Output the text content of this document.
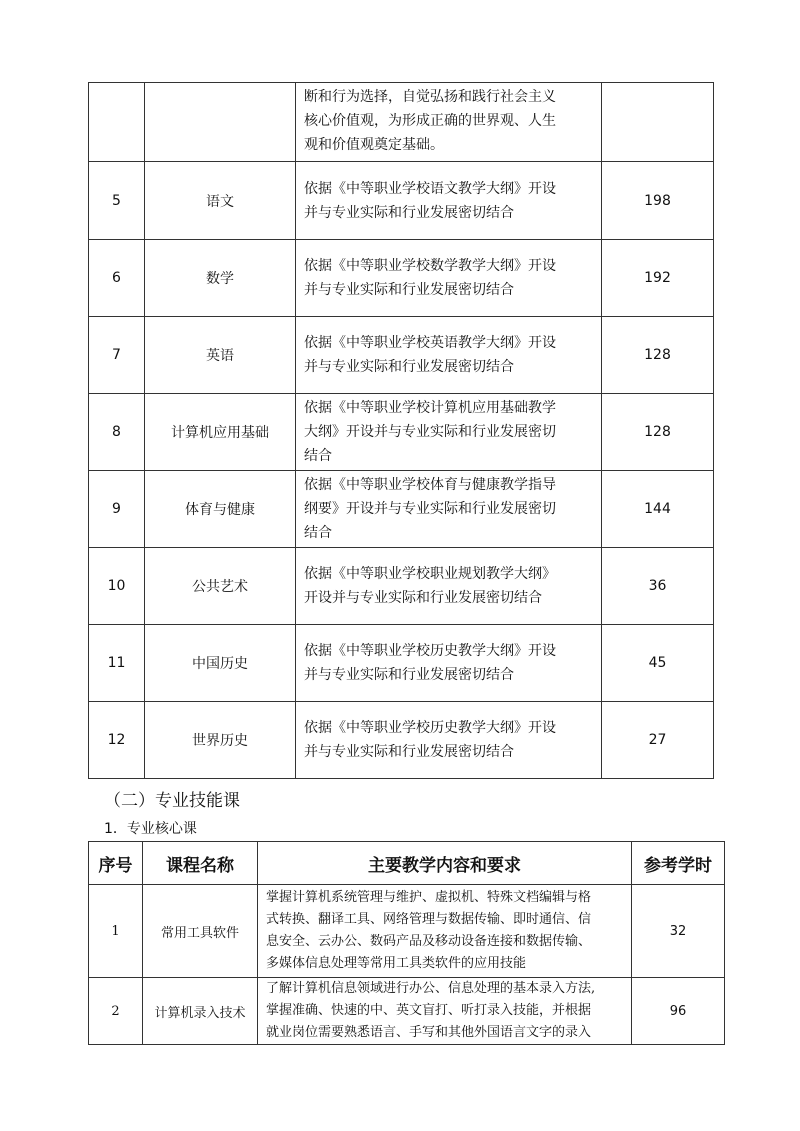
		断和行为选择，自觉弘扬和践行社会主义
核心价值观，为形成正确的世界观、人生
观和价值观奠定基础。	

5	语文	依据《中等职业学校语文教学大纲》开设
并与专业实际和行业发展密切结合	198
6	数学	依据《中等职业学校数学教学大纲》开设
并与专业实际和行业发展密切结合	192
7	英语	依据《中等职业学校英语教学大纲》开设
并与专业实际和行业发展密切结合	128
8	计算机应用基础	依据《中等职业学校计算机应用基础教学
大纲》开设并与专业实际和行业发展密切
结合	128
9	体育与健康	依据《中等职业学校体育与健康教学指导
纲要》开设并与专业实际和行业发展密切
结合	144
10	公共艺术	依据《中等职业学校职业规划教学大纲》
开设并与专业实际和行业发展密切结合	36
11	中国历史	依据《中等职业学校历史教学大纲》开设
并与专业实际和行业发展密切结合	45
12	世界历史	依据《中等职业学校历史教学大纲》开设
并与专业实际和行业发展密切结合	27
（二）专业技能课
1．专业核心课
序号	课程名称	主要教学内容和要求	参考学时
1	常用工具软件	掌握计算机系统管理与维护、虚拟机、特殊文档编辑与格
式转换、翻译工具、网络管理与数据传输、即时通信、信
息安全、云办公、数码产品及移动设备连接和数据传输、
多媒体信息处理等常用工具类软件的应用技能	32
2	计算机录入技术	了解计算机信息领域进行办公、信息处理的基本录入方法,
掌握准确、快速的中、英文盲打、听打录入技能，并根据
就业岗位需要熟悉语言、手写和其他外国语言文字的录入	96
